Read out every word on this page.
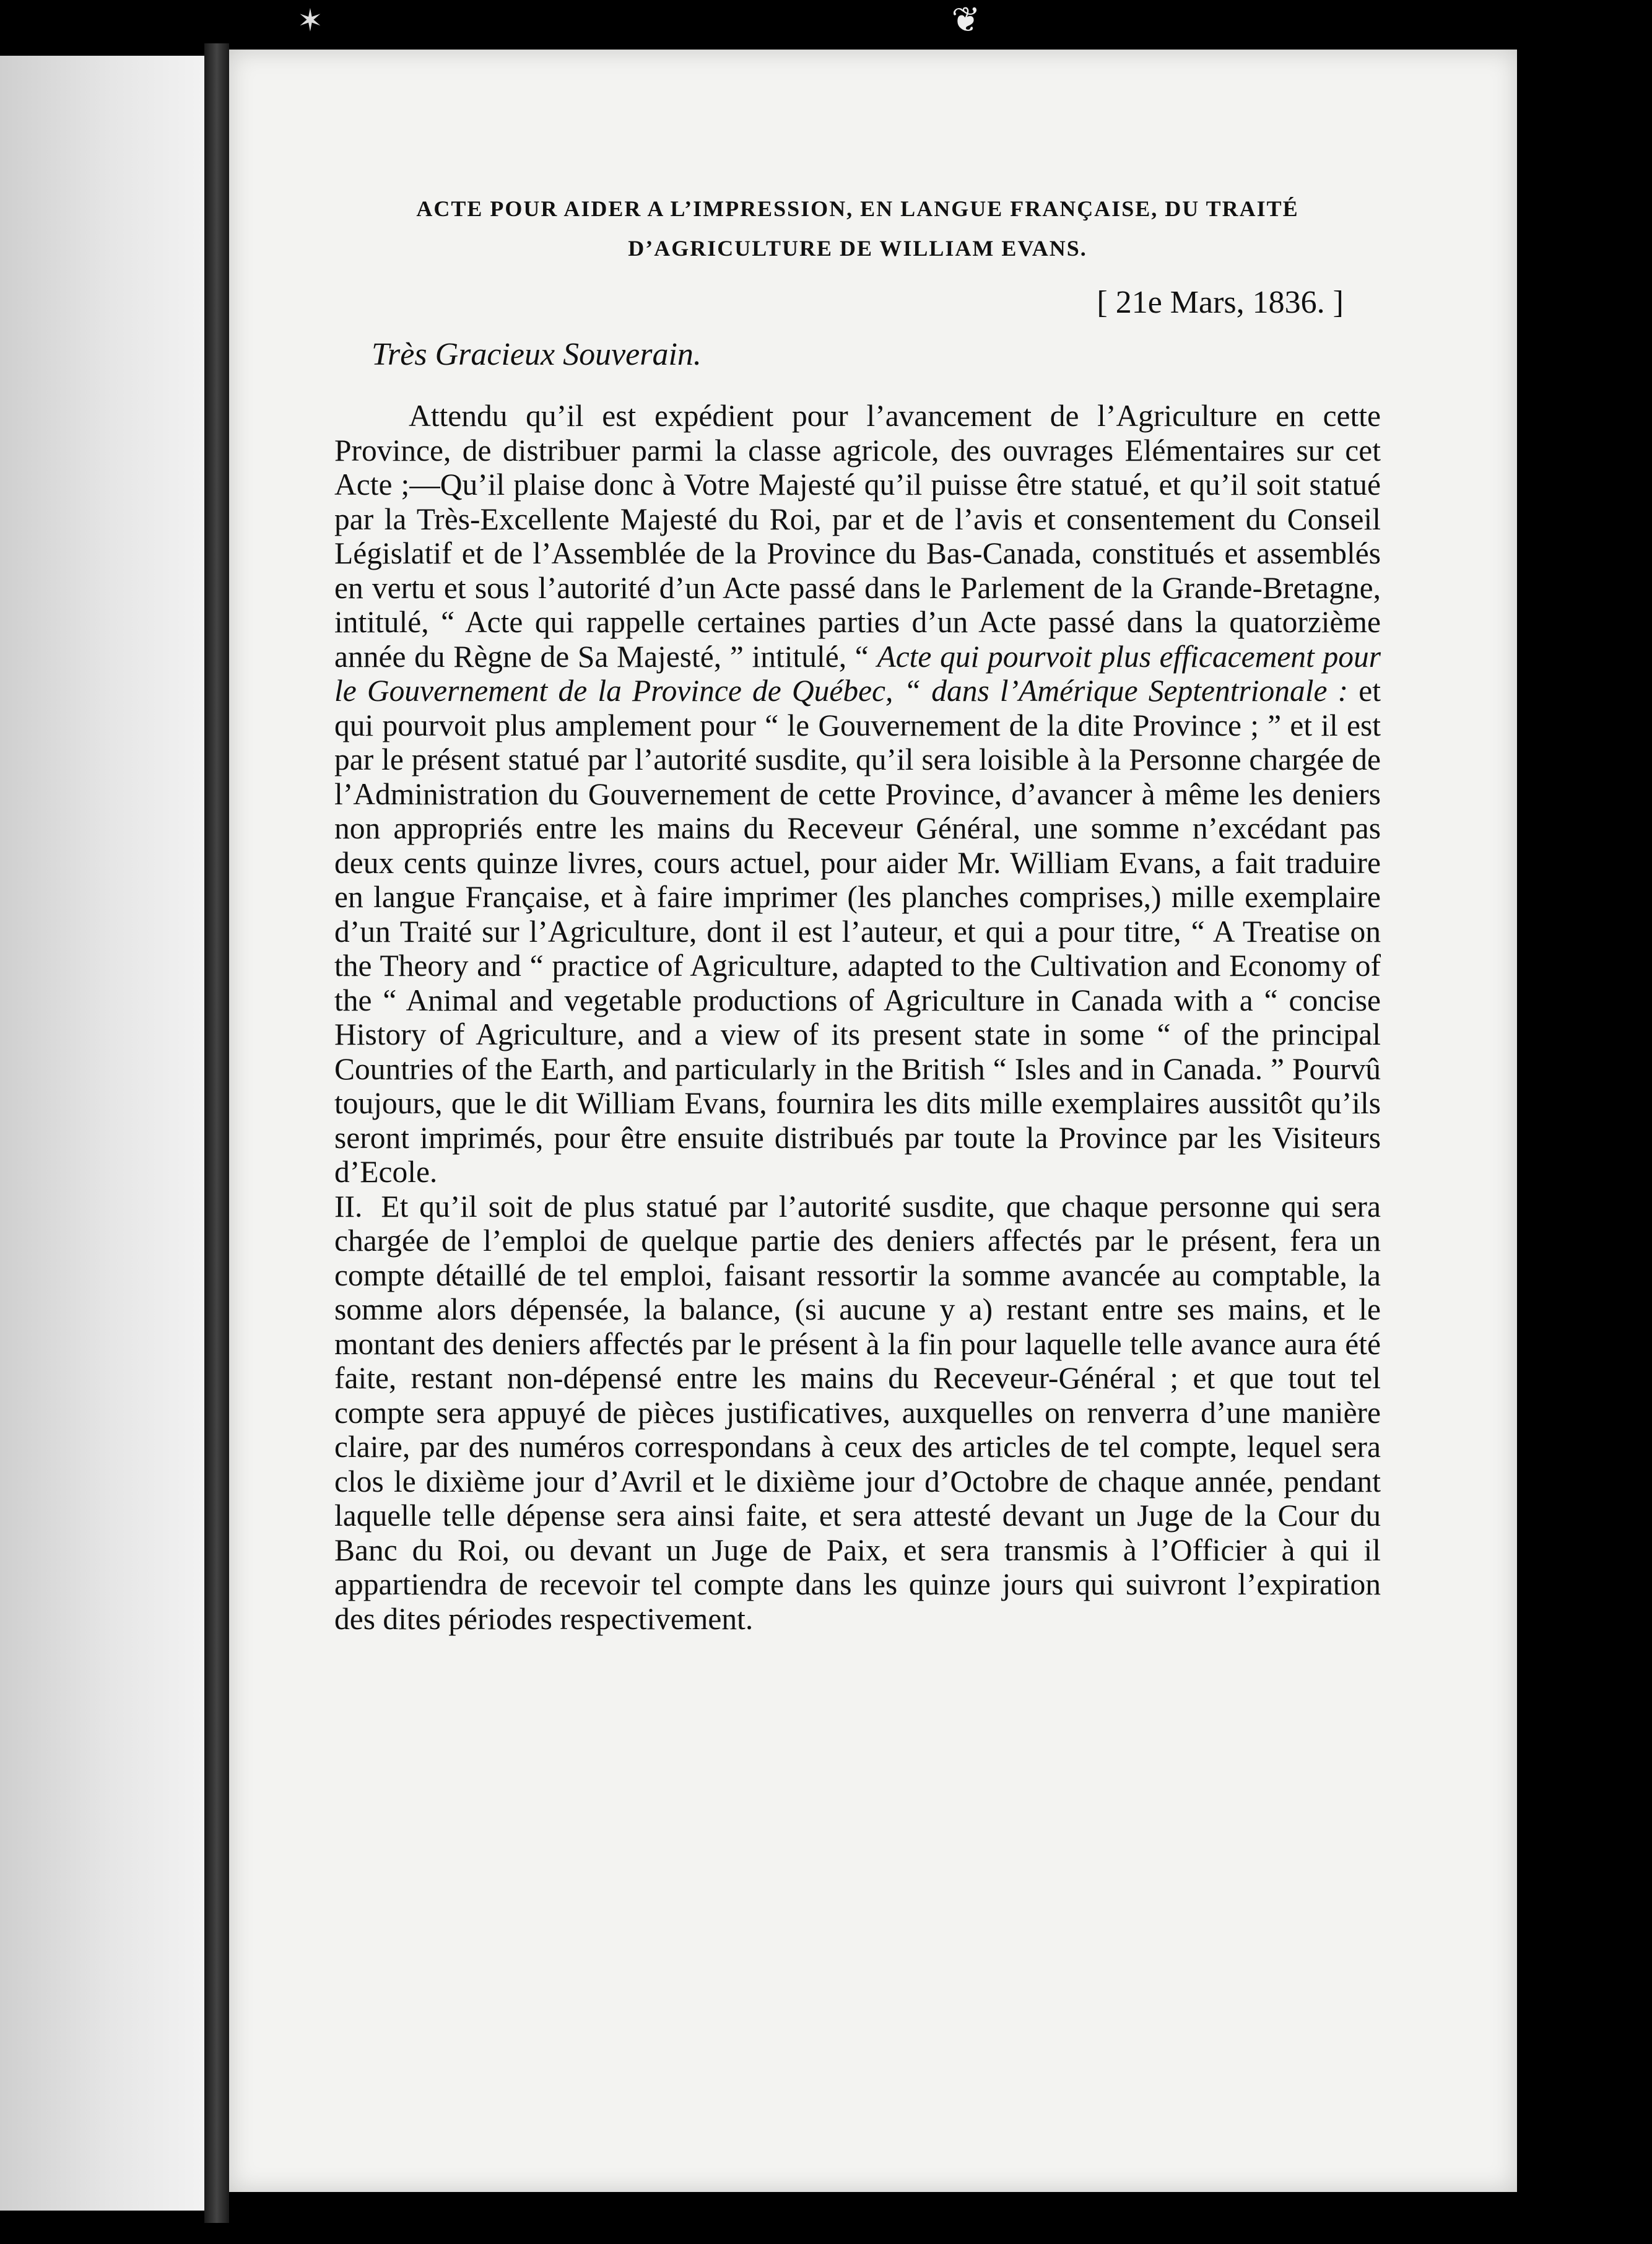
✶	❦

ACTE POUR AIDER A L’IMPRESSION, EN LANGUE FRANÇAISE, DU TRAITÉ

D’AGRICULTURE DE WILLIAM EVANS.

[ 21e Mars, 1836. ]
Très Gracieux Souverain.

Attendu qu’il est expédient pour l’avancement de l’Agriculture en cette Province, de distribuer parmi la classe agricole, des ouvrages Elémentaires sur cet Acte ;—Qu’il plaise donc à Votre Majesté qu’il puisse être statué, et qu’il soit statué par la Très-Excellente Majesté du Roi, par et de l’avis et consentement du Conseil Législatif et de l’Assemblée de la Province du Bas-Canada, constitués et assemblés en vertu et sous l’autorité d’un Acte passé dans le Parlement de la Grande-Bretagne, intitulé, “ Acte qui rappelle certaines parties d’un Acte passé dans la quatorzième année du Règne de Sa Majesté, ” intitulé, “ Acte qui pourvoit plus efficacement pour le Gouvernement de la Province de Québec, “ dans l’Amérique Septentrionale : et qui pourvoit plus amplement pour “ le Gouvernement de la dite Province ; ” et il est par le présent statué par l’autorité susdite, qu’il sera loisible à la Personne chargée de l’Administration du Gouvernement de cette Province, d’avancer à même les deniers non appropriés entre les mains du Receveur Général, une somme n’excédant pas deux cents quinze livres, cours actuel, pour aider Mr. William Evans, a fait traduire en langue Française, et à faire imprimer (les planches comprises,) mille exemplaire d’un Traité sur l’Agriculture, dont il est l’auteur, et qui a pour titre, “ A Treatise on the Theory and “ practice of Agriculture, adapted to the Cultivation and Economy of the “ Animal and vegetable productions of Agriculture in Canada with a “ concise History of Agriculture, and a view of its present state in some “ of the principal Countries of the Earth, and particularly in the British “ Isles and in Canada. ” Pourvû toujours, que le dit William Evans, fournira les dits mille exemplaires aussitôt qu’ils seront imprimés, pour être ensuite distribués par toute la Province par les Visiteurs d’Ecole.

II. Et qu’il soit de plus statué par l’autorité susdite, que chaque personne qui sera chargée de l’emploi de quelque partie des deniers affectés par le présent, fera un compte détaillé de tel emploi, faisant ressortir la somme avancée au comptable, la somme alors dépensée, la balance, (si aucune y a) restant entre ses mains, et le montant des deniers affectés par le présent à la fin pour laquelle telle avance aura été faite, restant non-dépensé entre les mains du Receveur-Général ; et que tout tel compte sera appuyé de pièces justificatives, auxquelles on renverra d’une manière claire, par des numéros correspondans à ceux des articles de tel compte, lequel sera clos le dixième jour d’Avril et le dixième jour d’Octobre de chaque année, pendant laquelle telle dépense sera ainsi faite, et sera attesté devant un Juge de la Cour du Banc du Roi, ou devant un Juge de Paix, et sera transmis à l’Officier à qui il appartiendra de recevoir tel compte dans les quinze jours qui suivront l’expiration des dites périodes respectivement.
